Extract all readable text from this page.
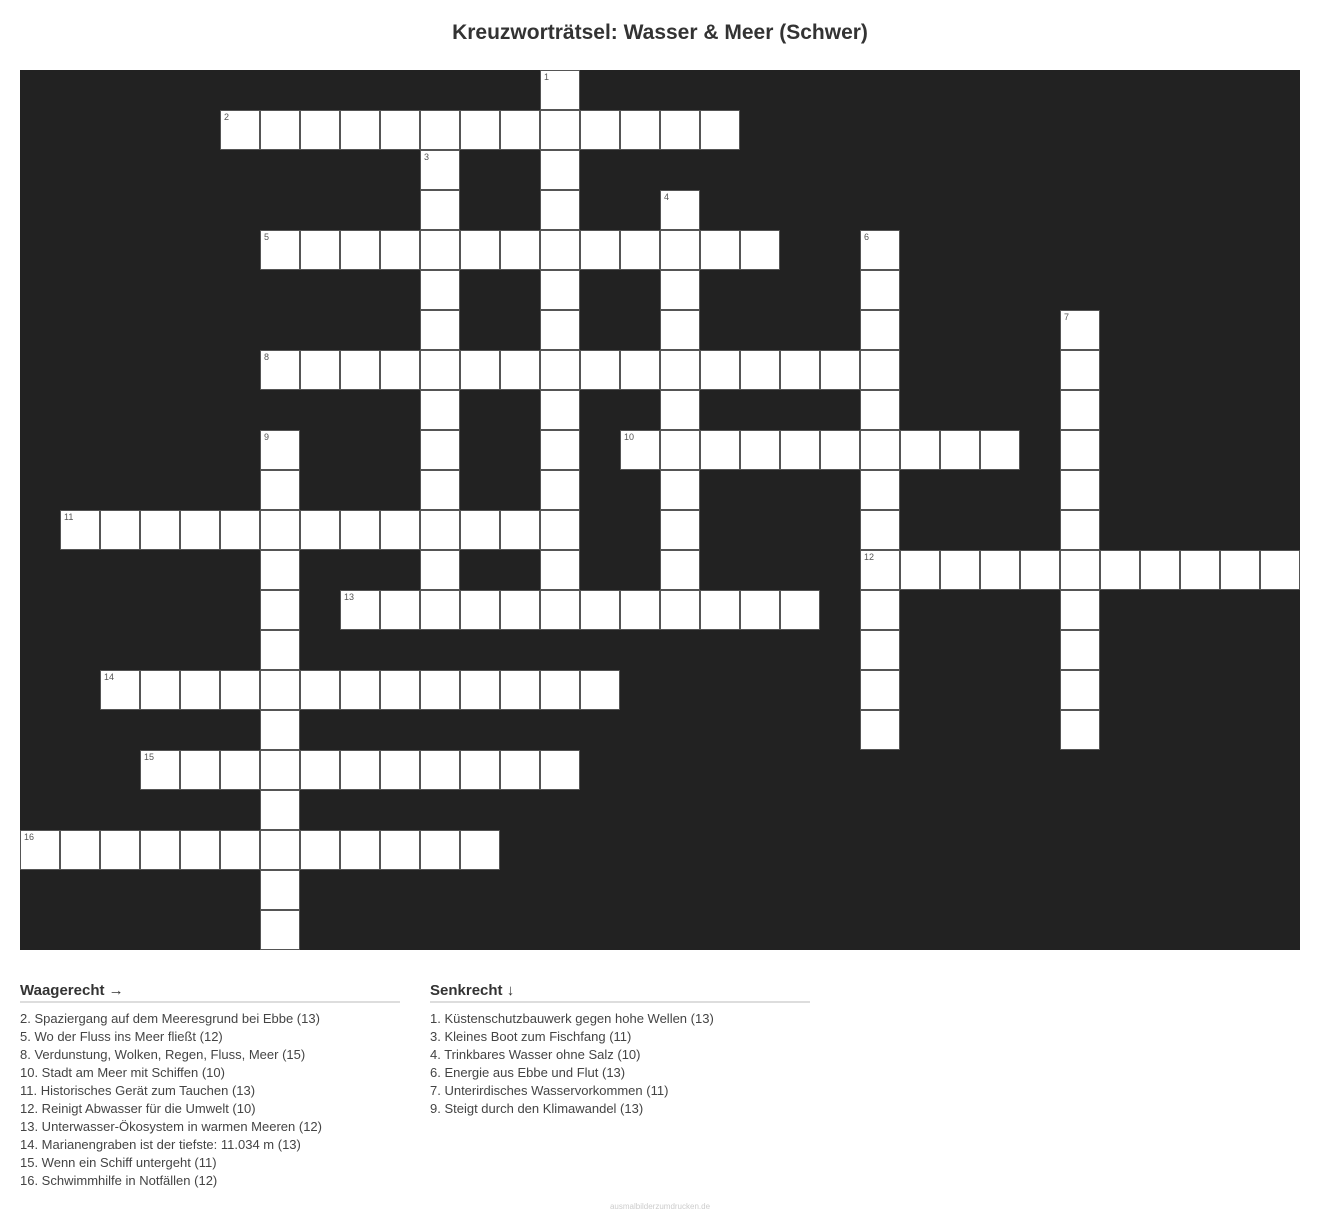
Kreuzworträtsel: Wasser & Meer (Schwer)
1
2
3
4
5	6
12
7
8
9	10
11
13
14
15
16
Waagerecht →
2. Spaziergang auf dem Meeresgrund bei Ebbe (13)
5. Wo der Fluss ins Meer fließt (12)
8. Verdunstung, Wolken, Regen, Fluss, Meer (15)
10. Stadt am Meer mit Schiffen (10)
11. Historisches Gerät zum Tauchen (13)
12. Reinigt Abwasser für die Umwelt (10)
13. Unterwasser-Ökosystem in warmen Meeren (12)
14. Marianengraben ist der tiefste: 11.034 m (13)
15. Wenn ein Schiff untergeht (11)
16. Schwimmhilfe in Notfällen (12)
Senkrecht ↓
1. Küstenschutzbauwerk gegen hohe Wellen (13)
3. Kleines Boot zum Fischfang (11)
4. Trinkbares Wasser ohne Salz (10)
6. Energie aus Ebbe und Flut (13)
7. Unterirdisches Wasservorkommen (11)
9. Steigt durch den Klimawandel (13)
ausmalbilderzumdrucken.de
